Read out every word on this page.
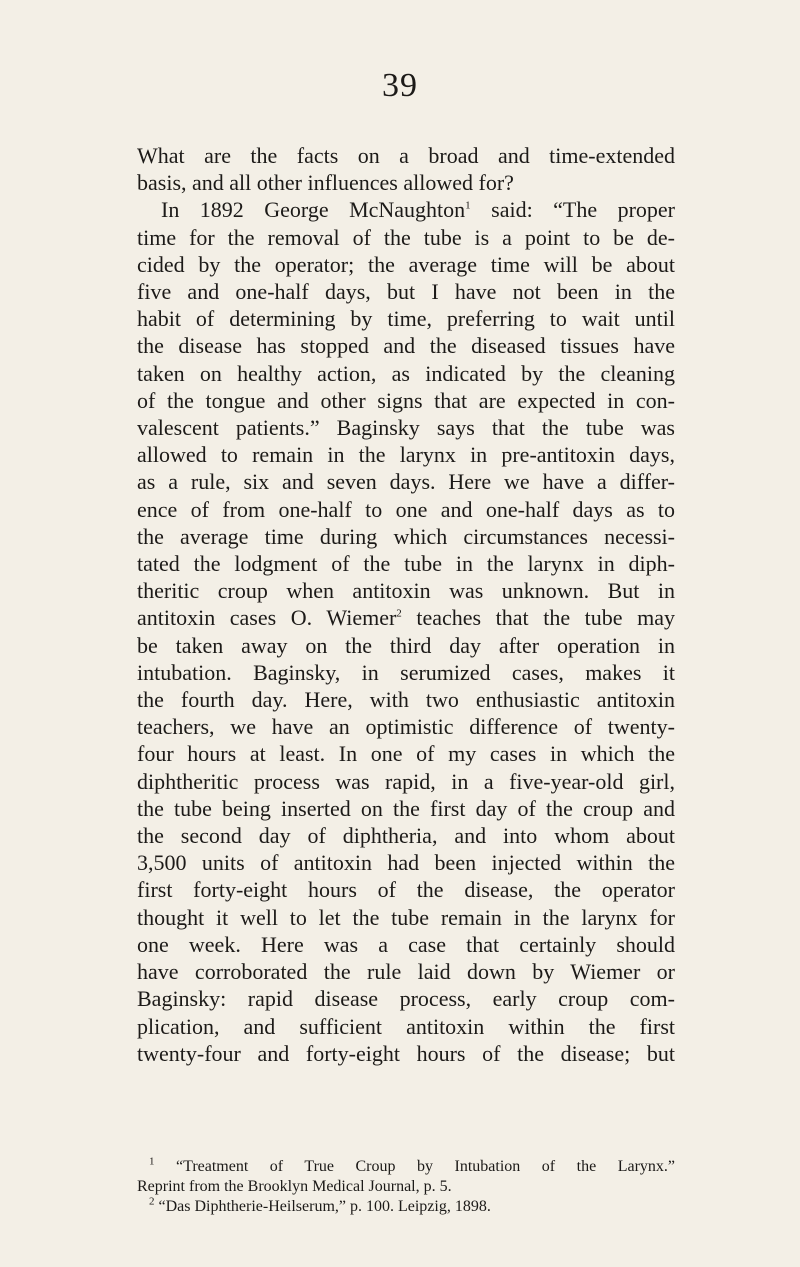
39

What are the facts on a broad and time-extended

basis, and all other influences allowed for?

In 1892 George McNaughton$^1$ said: “The proper

time for the removal of the tube is a point to be de-

cided by the operator; the average time will be about

five and one-half days, but I have not been in the

habit of determining by time, preferring to wait until

the disease has stopped and the diseased tissues have

taken on healthy action, as indicated by the cleaning

of the tongue and other signs that are expected in con-

valescent patients.” Baginsky says that the tube was

allowed to remain in the larynx in pre-antitoxin days,

as a rule, six and seven days. Here we have a differ-

ence of from one-half to one and one-half days as to

the average time during which circumstances necessi-

tated the lodgment of the tube in the larynx in diph-

theritic croup when antitoxin was unknown. But in

antitoxin cases O. Wiemer$^2$ teaches that the tube may

be taken away on the third day after operation in

intubation. Baginsky, in serumized cases, makes it

the fourth day. Here, with two enthusiastic antitoxin

teachers, we have an optimistic difference of twenty-

four hours at least. In one of my cases in which the

diphtheritic process was rapid, in a five-year-old girl,

the tube being inserted on the first day of the croup and

the second day of diphtheria, and into whom about

3,500 units of antitoxin had been injected within the

first forty-eight hours of the disease, the operator

thought it well to let the tube remain in the larynx for

one week. Here was a case that certainly should

have corroborated the rule laid down by Wiemer or

Baginsky: rapid disease process, early croup com-

plication, and sufficient antitoxin within the first

twenty-four and forty-eight hours of the disease; but

$^1$ “Treatment of True Croup by Intubation of the Larynx.”

Reprint from the Brooklyn Medical Journal, p. 5.

$^2$ “Das Diphtherie-Heilserum,” p. 100. Leipzig, 1898.
